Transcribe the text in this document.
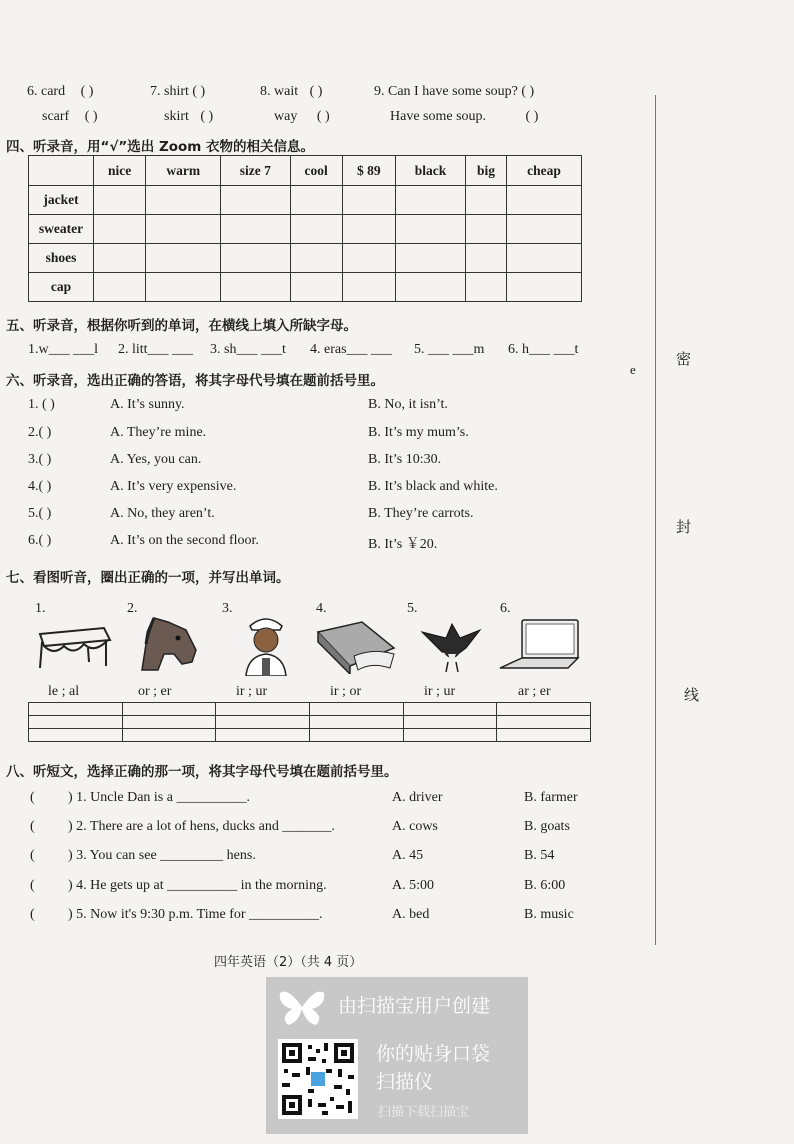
6. card ( )	7. shirt ( )	8. wait ( )	9. Can I have some soup? ( )
scarf ( )	skirt ( )	way ( )	Have some soup.	( )
四、听录音，用“√”选出 Zoom 衣物的相关信息。
	nice	warm	size 7	cool	$ 89	black	big	cheap
jacket								
sweater								
shoes								
cap								
五、听录音，根据你听到的单词，在横线上填入所缺字母。
1.w___ ___l 2. litt___ ___ 3. sh___ ___t 4. eras___ ___ 5. ___ ___m 6. h___ ___t
六、听录音，选出正确的答语，将其字母代号填在题前括号里。
1. ( )	A. It’s sunny.	B. No, it isn’t.
2.( )	A. They’re mine.	B. It’s my mum’s.
3.( )	A. Yes, you can.	B. It’s 10:30.
4.( )	A. It’s very expensive.	B. It’s black and white.
5.( )	A. No, they aren’t.	B. They’re carrots.
6.( )	A. It’s on the second floor.	B. It’s ￥20.
七、看图听音，圈出正确的一项，并写出单词。
1.	2.	3.	4.	5.	6.
le ; al	or ; er	ir ; ur	ir ; or	ir ; ur	ar ; er

八、听短文，选择正确的那一项，将其字母代号填在题前括号里。
( ) 1. Uncle Dan is a __________.	A. driver	B. farmer
( ) 2. There are a lot of hens, ducks and _______.	A. cows	B. goats
( ) 3. You can see _________ hens.	A. 45	B. 54
( ) 4. He gets up at __________ in the morning.	A. 5:00	B. 6:00
( ) 5. Now it's 9:30 p.m. Time for __________.	A. bed	B. music
四年英语（2）（共 4 页）
密
封
线
e
由扫描宝用户创建
你的贴身口袋
扫描仪
扫描下载扫描宝
